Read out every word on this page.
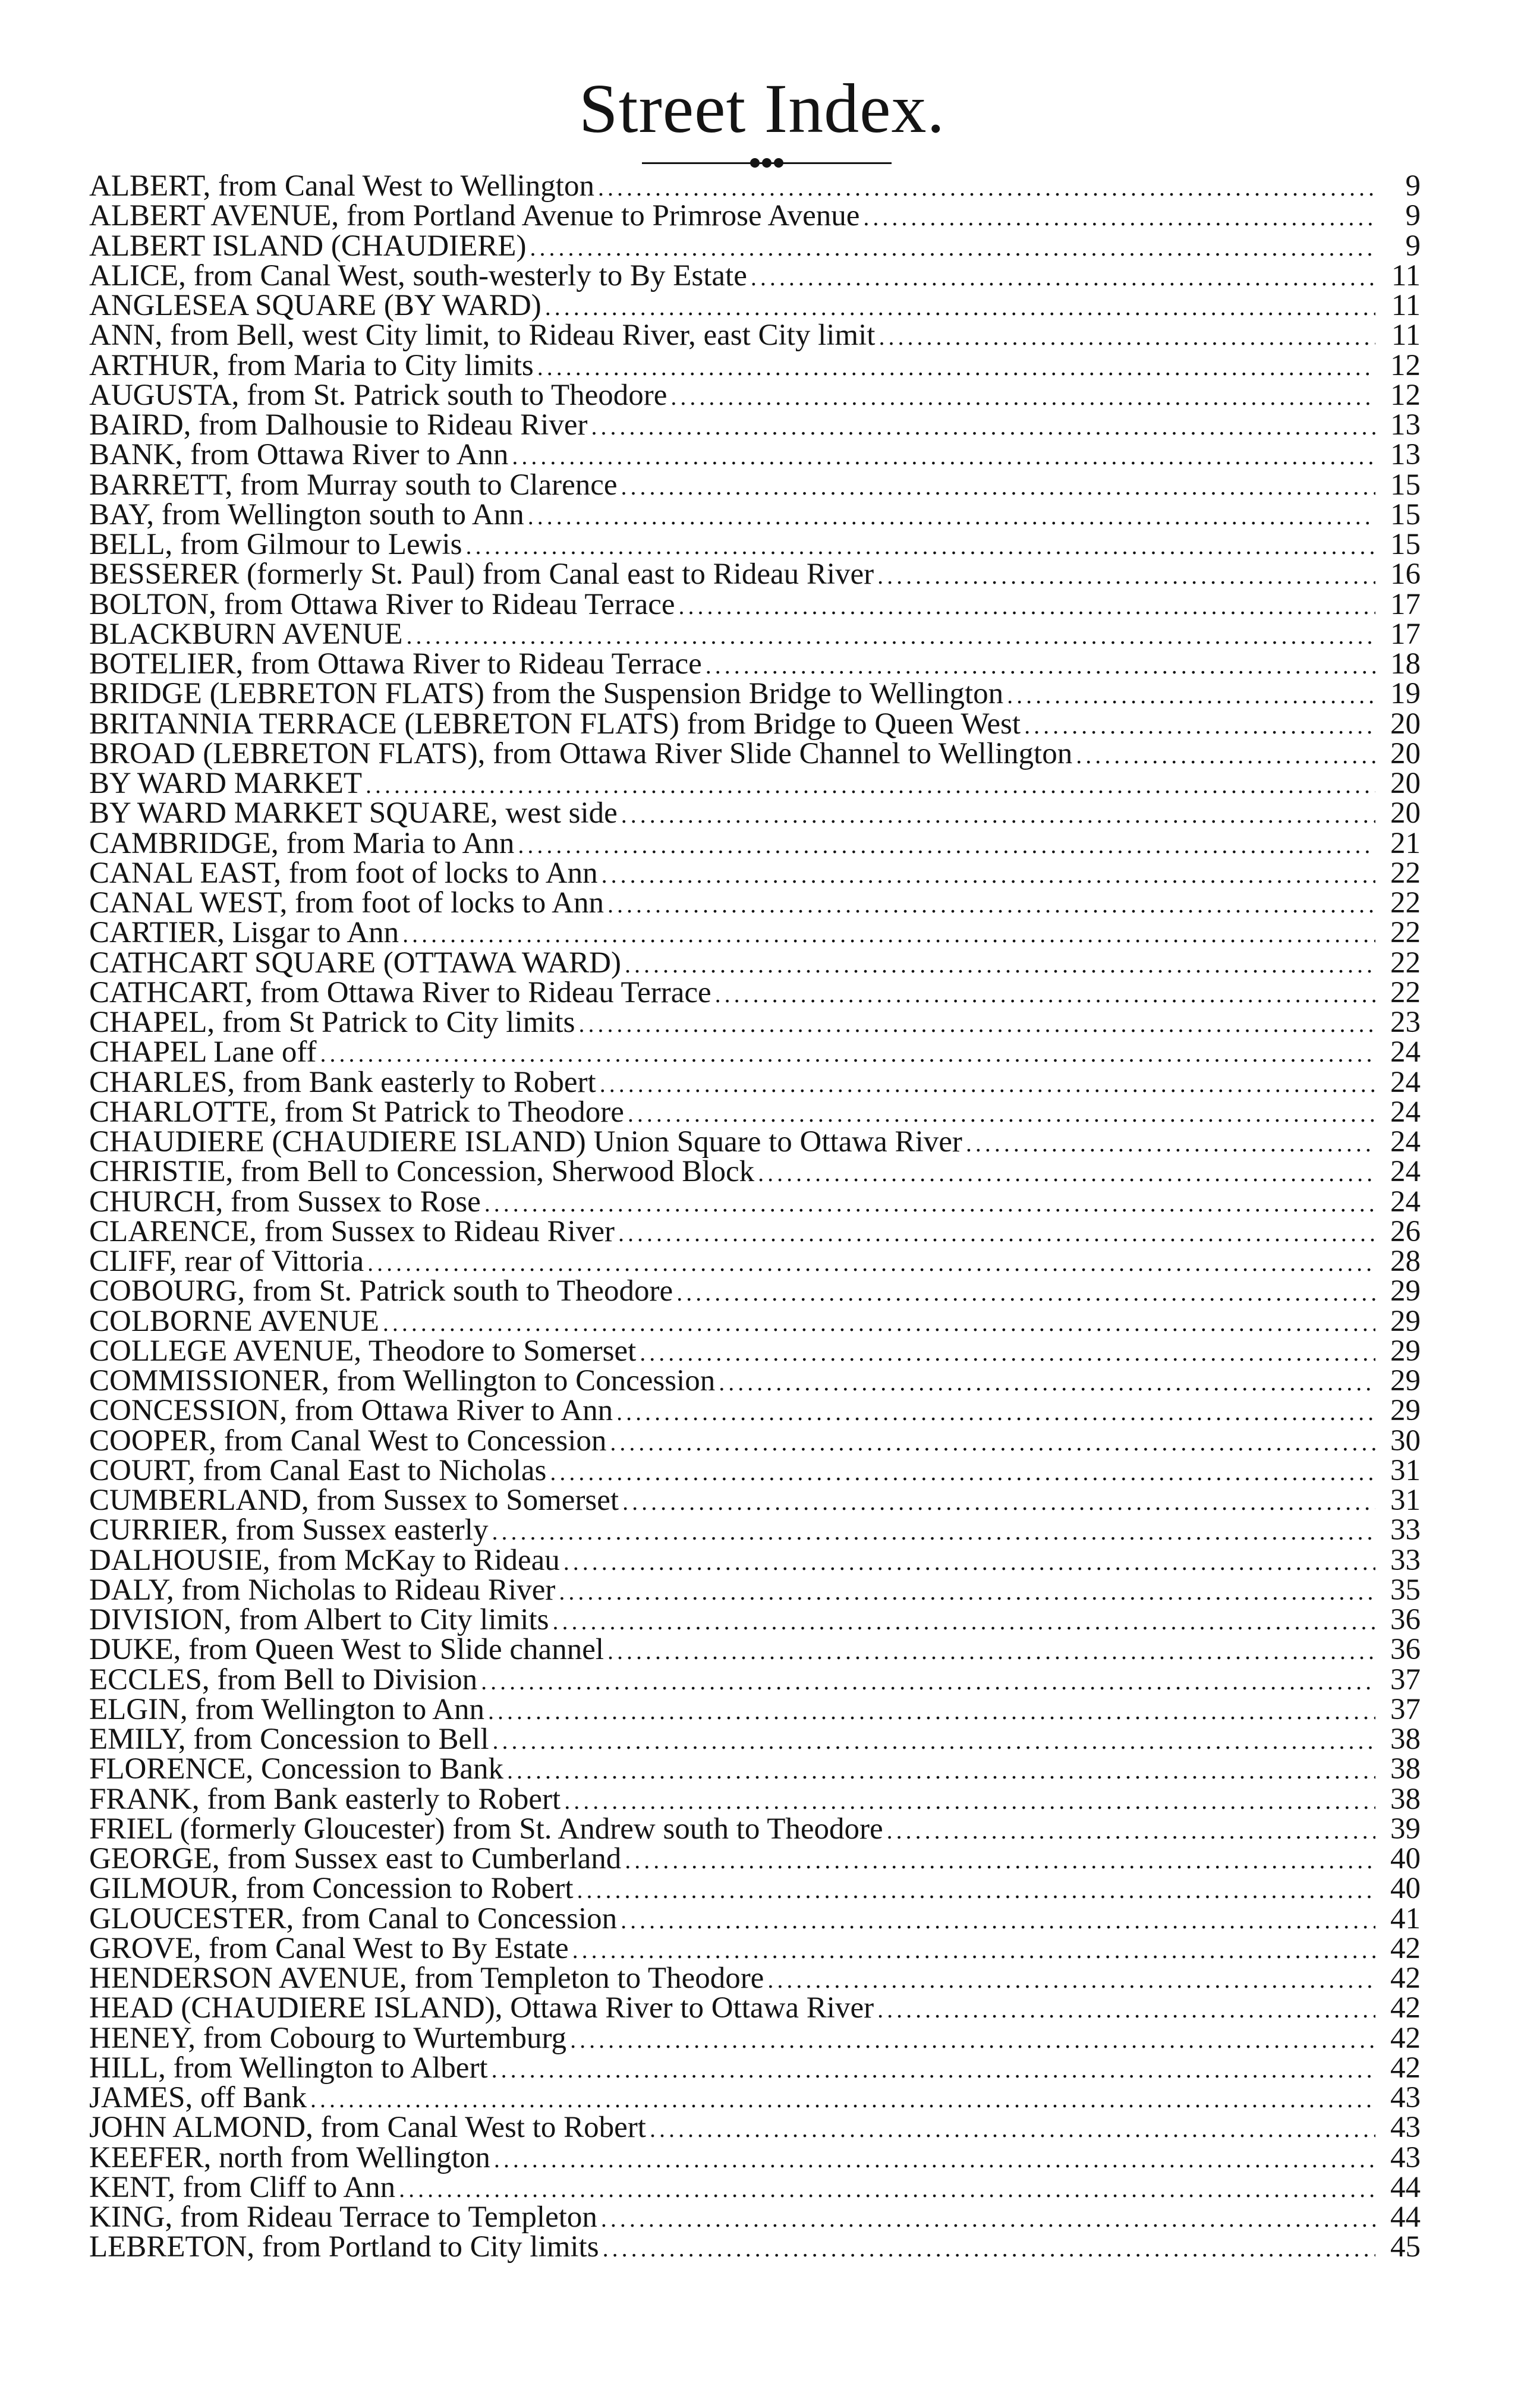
Street Index.
ALBERT, from Canal West to Wellington . . .	9
ALBERT AVENUE, from Portland Avenue to Primrose Avenue . . .	9
ALBERT ISLAND (CHAUDIERE) . . .	9
ALICE, from Canal West, south-westerly to By Estate . . .	11
ANGLESEA SQUARE (BY WARD) . . .	11
ANN, from Bell, west City limit, to Rideau River, east City limit . . .	11
ARTHUR, from Maria to City limits . . .	12
AUGUSTA, from St. Patrick south to Theodore . . .	12
BAIRD, from Dalhousie to Rideau River . . .	13
BANK, from Ottawa River to Ann . . .	13
BARRETT, from Murray south to Clarence . . .	15
BAY, from Wellington south to Ann . . .	15
BELL, from Gilmour to Lewis . . .	15
BESSERER (formerly St. Paul) from Canal east to Rideau River . . .	16
BOLTON, from Ottawa River to Rideau Terrace . . .	17
BLACKBURN AVENUE . . .	17
BOTELIER, from Ottawa River to Rideau Terrace . . .	18
BRIDGE (LEBRETON FLATS) from the Suspension Bridge to Wellington . . .	19
BRITANNIA TERRACE (LEBRETON FLATS) from Bridge to Queen West . . .	20
BROAD (LEBRETON FLATS), from Ottawa River Slide Channel to Wellington . . .	20
BY WARD MARKET . . .	20
BY WARD MARKET SQUARE, west side . . .	20
CAMBRIDGE, from Maria to Ann . . .	21
CANAL EAST, from foot of locks to Ann . . .	22
CANAL WEST, from foot of locks to Ann . . .	22
CARTIER, Lisgar to Ann . . .	22
CATHCART SQUARE (OTTAWA WARD) . . .	22
CATHCART, from Ottawa River to Rideau Terrace . . .	22
CHAPEL, from St Patrick to City limits . . .	23
CHAPEL Lane off . . .	24
CHARLES, from Bank easterly to Robert . . .	24
CHARLOTTE, from St Patrick to Theodore . . .	24
CHAUDIERE (CHAUDIERE ISLAND) Union Square to Ottawa River . . .	24
CHRISTIE, from Bell to Concession, Sherwood Block . . .	24
CHURCH, from Sussex to Rose . . .	24
CLARENCE, from Sussex to Rideau River . . .	26
CLIFF, rear of Vittoria . . .	28
COBOURG, from St. Patrick south to Theodore . . .	29
COLBORNE AVENUE . . .	29
COLLEGE AVENUE, Theodore to Somerset . . .	29
COMMISSIONER, from Wellington to Concession . . .	29
CONCESSION, from Ottawa River to Ann . . .	29
COOPER, from Canal West to Concession . . .	30
COURT, from Canal East to Nicholas . . .	31
CUMBERLAND, from Sussex to Somerset . . .	31
CURRIER, from Sussex easterly . . .	33
DALHOUSIE, from McKay to Rideau . . .	33
DALY, from Nicholas to Rideau River . . .	35
DIVISION, from Albert to City limits . . .	36
DUKE, from Queen West to Slide channel . . .	36
ECCLES, from Bell to Division . . .	37
ELGIN, from Wellington to Ann . . .	37
EMILY, from Concession to Bell . . .	38
FLORENCE, Concession to Bank . . .	38
FRANK, from Bank easterly to Robert . . .	38
FRIEL (formerly Gloucester) from St. Andrew south to Theodore . . .	39
GEORGE, from Sussex east to Cumberland . . .	40
GILMOUR, from Concession to Robert . . .	40
GLOUCESTER, from Canal to Concession . . .	41
GROVE, from Canal West to By Estate . . .	42
HENDERSON AVENUE, from Templeton to Theodore . . .	42
HEAD (CHAUDIERE ISLAND), Ottawa River to Ottawa River . . .	42
HENEY, from Cobourg to Wurtemburg . . .	42
HILL, from Wellington to Albert . . .	42
JAMES, off Bank . . .	43
JOHN ALMOND, from Canal West to Robert . . .	43
KEEFER, north from Wellington . . .	43
KENT, from Cliff to Ann . . .	44
KING, from Rideau Terrace to Templeton . . .	44
LEBRETON, from Portland to City limits . . .	45
